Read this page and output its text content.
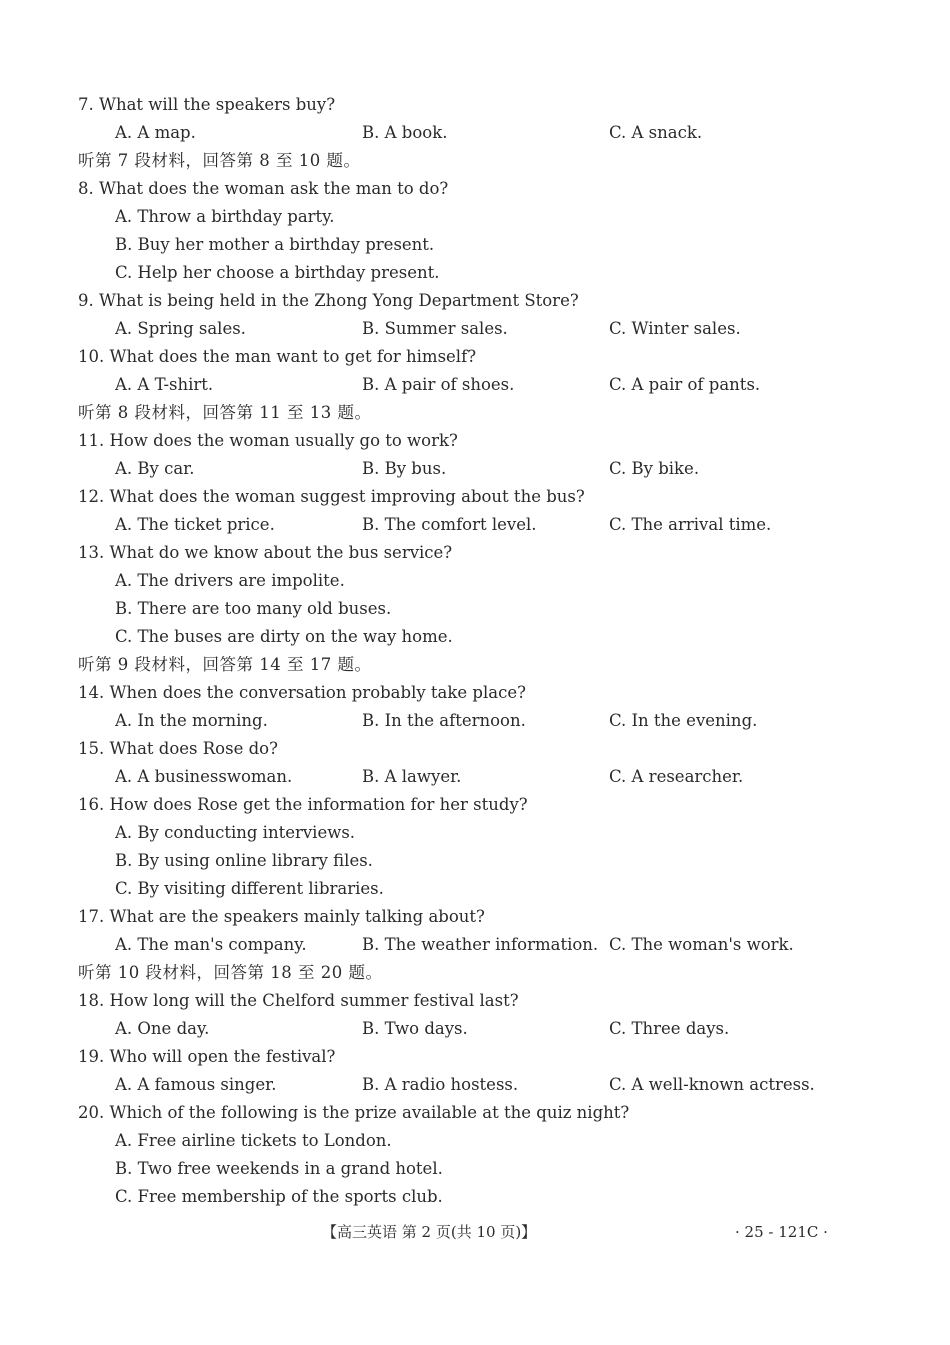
7. What will the speakers buy?
A. A map.	B. A book.	C. A snack.
听第 7 段材料，回答第 8 至 10 题。
8. What does the woman ask the man to do?
A. Throw a birthday party.
B. Buy her mother a birthday present.
C. Help her choose a birthday present.
9. What is being held in the Zhong Yong Department Store?
A. Spring sales.	B. Summer sales.	C. Winter sales.
10. What does the man want to get for himself?
A. A T-shirt.	B. A pair of shoes.	C. A pair of pants.
听第 8 段材料，回答第 11 至 13 题。
11. How does the woman usually go to work?
A. By car.	B. By bus.	C. By bike.
12. What does the woman suggest improving about the bus?
A. The ticket price.	B. The comfort level.	C. The arrival time.
13. What do we know about the bus service?
A. The drivers are impolite.
B. There are too many old buses.
C. The buses are dirty on the way home.
听第 9 段材料，回答第 14 至 17 题。
14. When does the conversation probably take place?
A. In the morning.	B. In the afternoon.	C. In the evening.
15. What does Rose do?
A. A businesswoman.	B. A lawyer.	C. A researcher.
16. How does Rose get the information for her study?
A. By conducting interviews.
B. By using online library files.
C. By visiting different libraries.
17. What are the speakers mainly talking about?
A. The man's company.	B. The weather information. C. The woman's work.
听第 10 段材料，回答第 18 至 20 题。
18. How long will the Chelford summer festival last?
A. One day.	B. Two days.	C. Three days.
19. Who will open the festival?
A. A famous singer.	B. A radio hostess.	C. A well-known actress.
20. Which of the following is the prize available at the quiz night?
A. Free airline tickets to London.
B. Two free weekends in a grand hotel.
C. Free membership of the sports club.
【高三英语 第 2 页(共 10 页)】	· 25 - 121C ·
